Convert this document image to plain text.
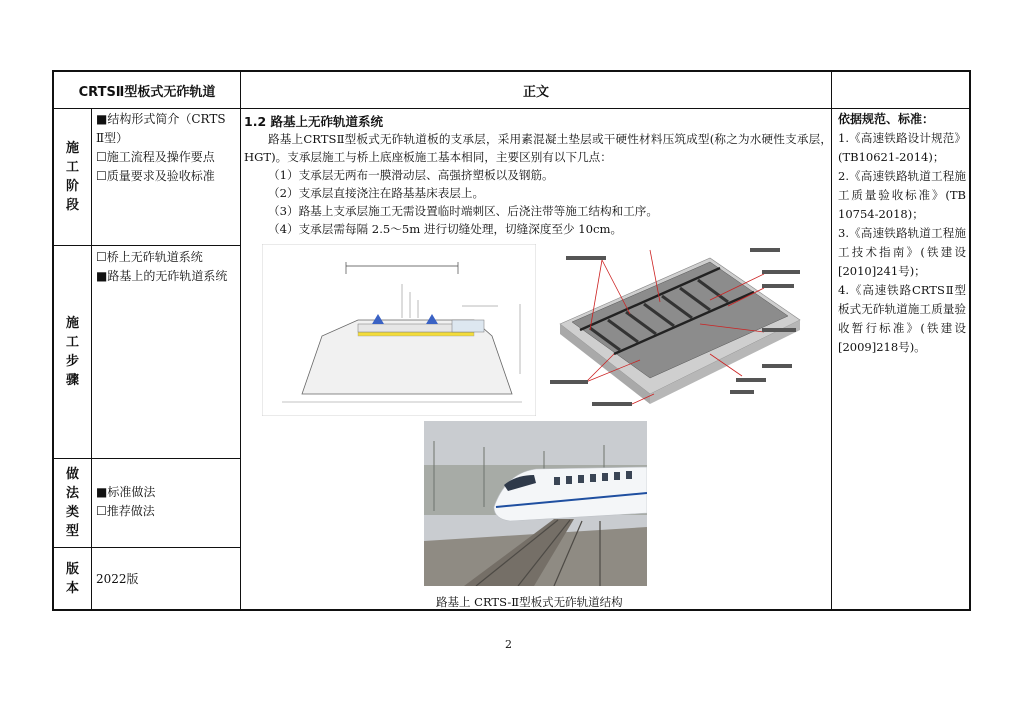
CRTSⅡ型板式无砟轨道	正文
施
工
阶
段
■结构形式简介（CRTS Ⅱ型）
☐施工流程及操作要点
☐质量要求及验收标准
施
工
步
骤
☐桥上无砟轨道系统
■路基上的无砟轨道系统
做
法
类
型
■标准做法
☐推荐做法
版
本
2022版
1.2 路基上无砟轨道系统
路基上CRTSⅡ型板式无砟轨道板的支承层，采用素混凝土垫层或干硬性材料压筑成型(称之为水硬性支承层，HGT)。支承层施工与桥上底座板施工基本相同，主要区别有以下几点：
（1）支承层无两布一膜滑动层、高强挤塑板以及钢筋。
（2）支承层直接浇注在路基基床表层上。
（3）路基上支承层施工无需设置临时端刺区、后浇注带等施工结构和工序。
（4）支承层需每隔 2.5～5m 进行切缝处理，切缝深度至少 10cm。
依据规范、标准：

1.《高速铁路设计规范》(TB10621-2014)；

2.《高速铁路轨道工程施工质量验收标准》(TB 10754-2018)；

3.《高速铁路轨道工程施工技术指南》(铁建设[2010]241号)；

4.《高速铁路CRTSⅡ型板式无砟轨道施工质量验收暂行标准》(铁建设[2009]218号)。

路基上 CRTS-Ⅱ型板式无砟轨道结构
2
